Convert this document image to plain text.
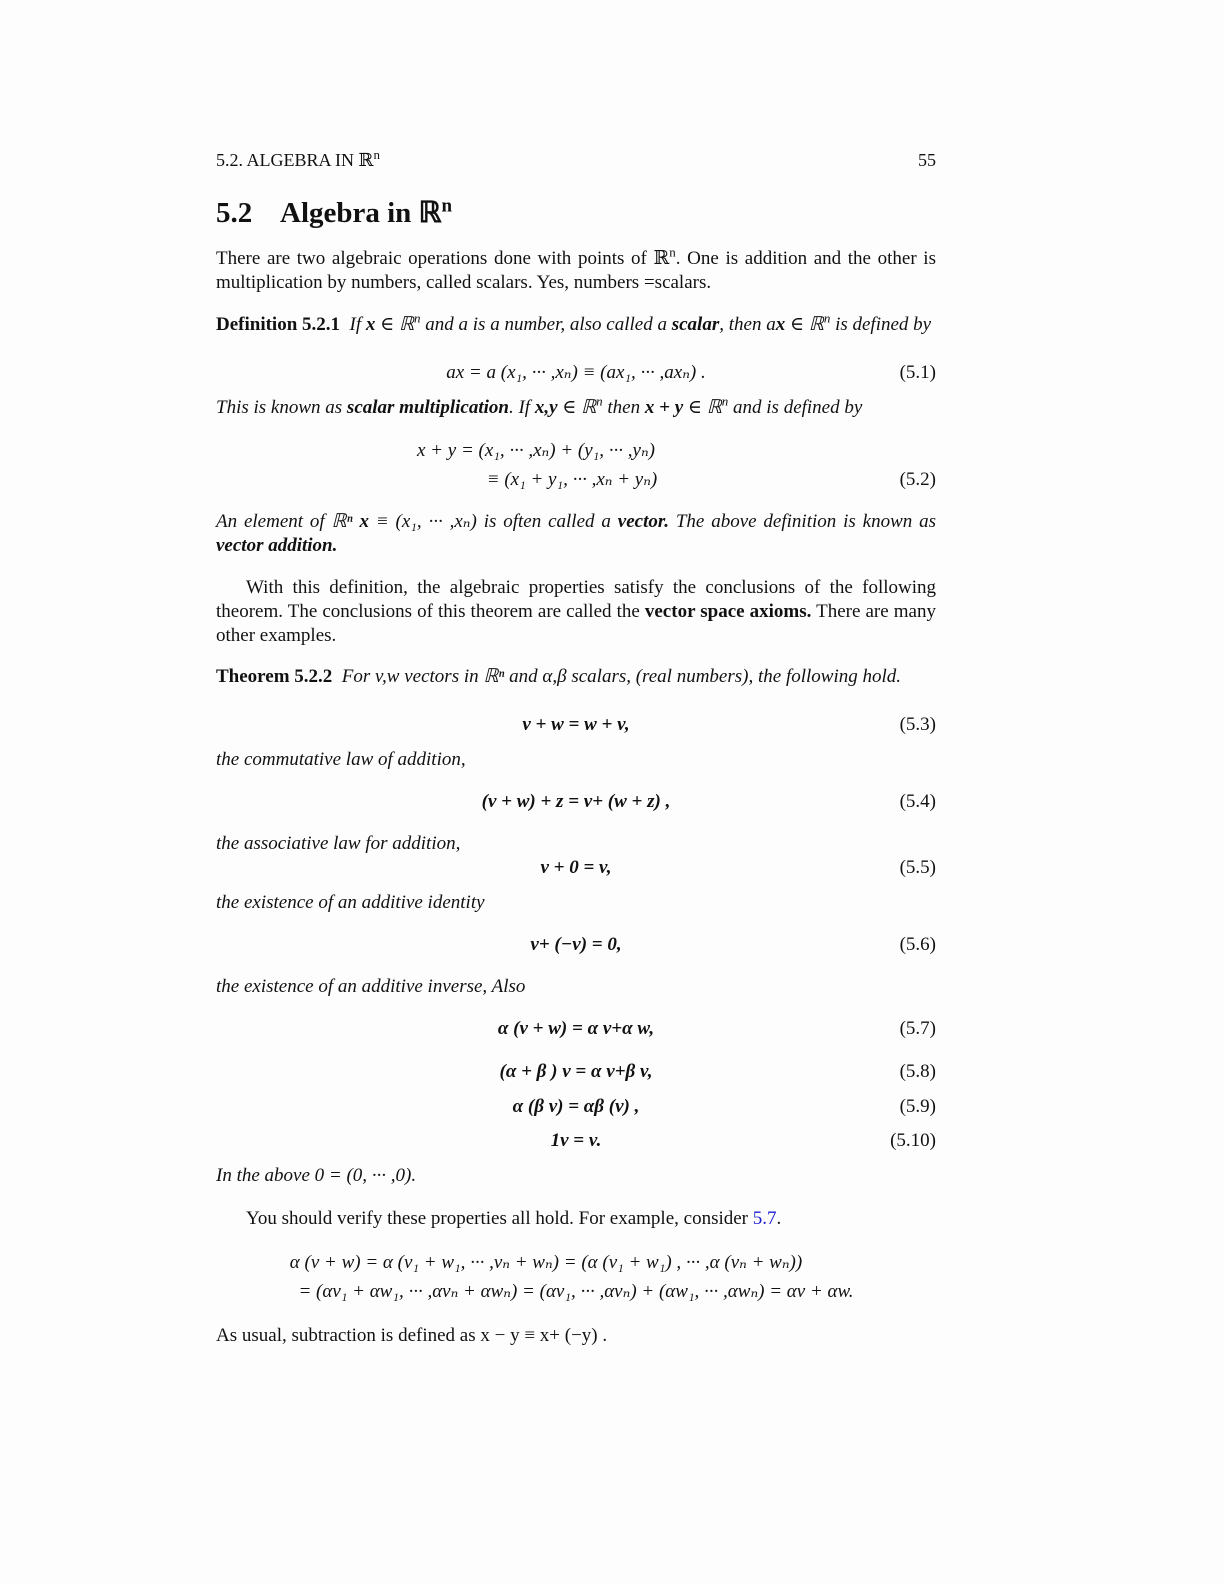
5.2. ALGEBRA IN ℝ$^n$	55
5.2 Algebra in ℝ$^n$
There are two algebraic operations done with points of ℝ$^n$. One is addition and the other is multiplication by numbers, called scalars. Yes, numbers =scalars.
Definition 5.2.1 If x ∈ ℝ$^n$ and a is a number, also called a scalar, then ax ∈ ℝ$^n$ is defined by
ax = a (x₁, ··· ,xₙ) ≡ (ax₁, ··· ,axₙ) .	(5.1)
This is known as scalar multiplication. If x,y ∈ ℝ$^n$ then x + y ∈ ℝ$^n$ and is defined by
x + y = (x₁, ··· ,xₙ) + (y₁, ··· ,yₙ)
≡ (x₁ + y₁, ··· ,xₙ + yₙ)	(5.2)
An element of ℝⁿ x ≡ (x₁, ··· ,xₙ) is often called a vector. The above definition is known as vector addition.
With this definition, the algebraic properties satisfy the conclusions of the following theorem. The conclusions of this theorem are called the vector space axioms. There are many other examples.
Theorem 5.2.2 For v,w vectors in ℝⁿ and α,β scalars, (real numbers), the following hold.
v + w = w + v,	(5.3)
the commutative law of addition,
(v + w) + z = v+ (w + z) ,	(5.4)
the associative law for addition,
v + 0 = v,	(5.5)
the existence of an additive identity
v+ (−v) = 0,	(5.6)
the existence of an additive inverse, Also
α (v + w) = α v+α w,	(5.7)
(α + β ) v = α v+β v,	(5.8)
α (β v) = αβ (v) ,	(5.9)
1v = v.	(5.10)
In the above 0 = (0, ··· ,0).
You should verify these properties all hold. For example, consider 5.7.
α (v + w) = α (v₁ + w₁, ··· ,vₙ + wₙ) = (α (v₁ + w₁) , ··· ,α (vₙ + wₙ))
= (αv₁ + αw₁, ··· ,αvₙ + αwₙ) = (αv₁, ··· ,αvₙ) + (αw₁, ··· ,αwₙ) = αv + αw.
As usual, subtraction is defined as x − y ≡ x+ (−y) .
